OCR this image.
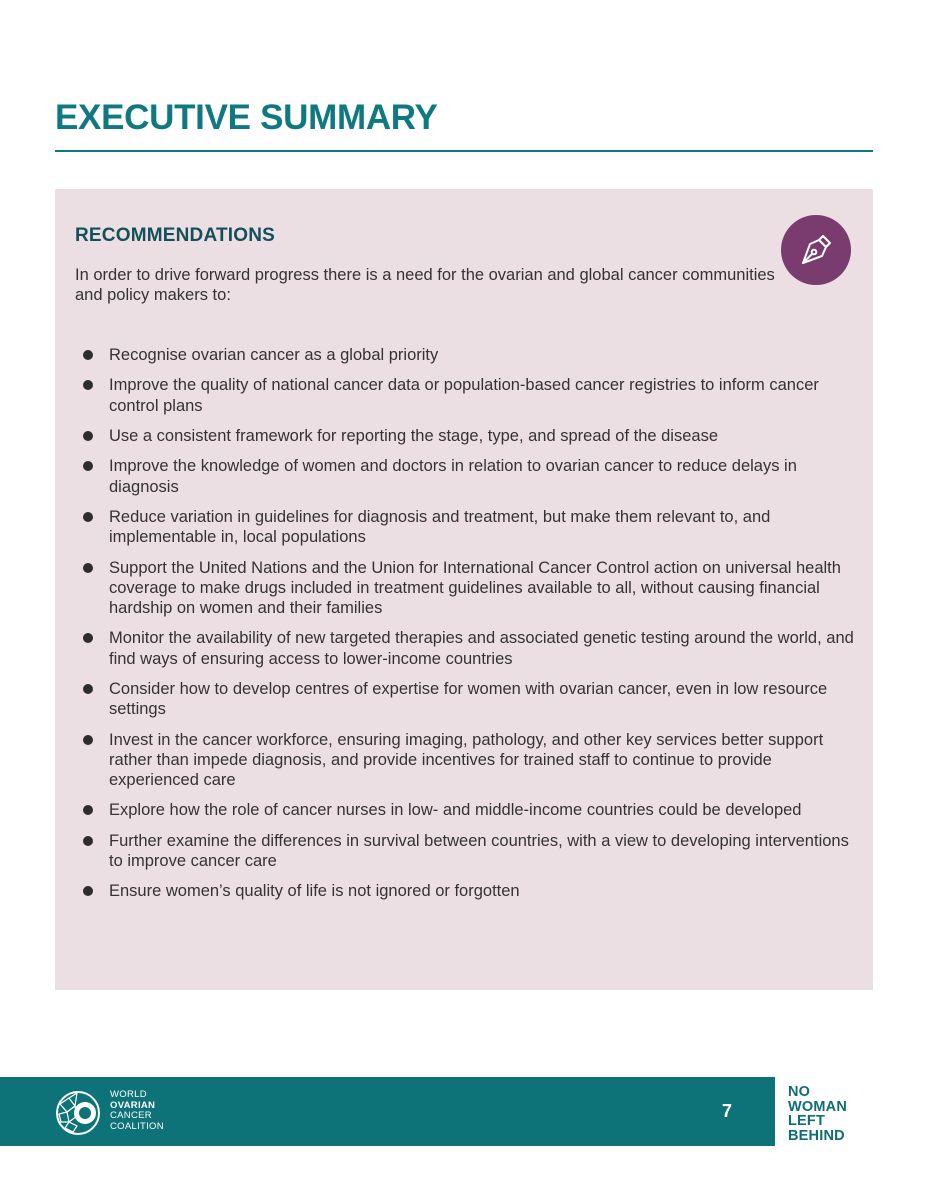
EXECUTIVE SUMMARY
RECOMMENDATIONS

In order to drive forward progress there is a need for the ovarian and global cancer communities and policy makers to:

Recognise ovarian cancer as a global priority
Improve the quality of national cancer data or population-based cancer registries to inform cancer control plans
Use a consistent framework for reporting the stage, type, and spread of the disease
Improve the knowledge of women and doctors in relation to ovarian cancer to reduce delays in diagnosis
Reduce variation in guidelines for diagnosis and treatment, but make them relevant to, and implementable in, local populations
Support the United Nations and the Union for International Cancer Control action on universal health coverage to make drugs included in treatment guidelines available to all, without causing financial hardship on women and their families
Monitor the availability of new targeted therapies and associated genetic testing around the world, and find ways of ensuring access to lower-income countries
Consider how to develop centres of expertise for women with ovarian cancer, even in low resource settings
Invest in the cancer workforce, ensuring imaging, pathology, and other key services better support rather than impede diagnosis, and provide incentives for trained staff to continue to provide experienced care
Explore how the role of cancer nurses in low- and middle-income countries could be developed
Further examine the differences in survival between countries, with a view to developing interventions to improve cancer care
Ensure women’s quality of life is not ignored or forgotten
WORLD
OVARIAN
CANCER
COALITION
7
NO
WOMAN
LEFT
BEHIND
